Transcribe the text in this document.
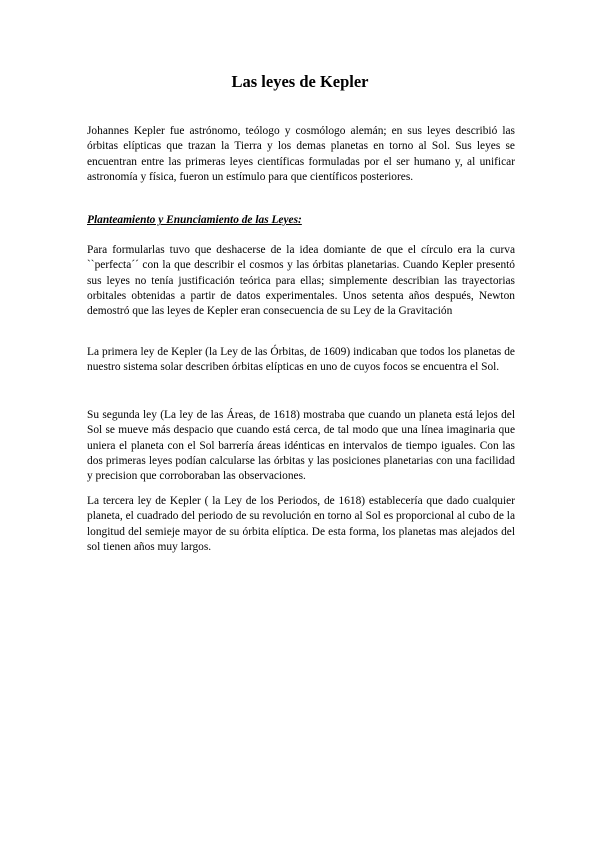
Las leyes de Kepler

Johannes Kepler fue astrónomo, teólogo y cosmólogo alemán; en sus leyes describió las órbitas elípticas que trazan la Tierra y los demas planetas en torno al Sol. Sus leyes se encuentran entre las primeras leyes científicas formuladas por el ser humano y, al unificar astronomía y física, fueron un estímulo para que científicos posteriores.

Planteamiento y Enunciamiento de las Leyes:

Para formularlas tuvo que deshacerse de la idea domiante de que el círculo era la curva ``perfecta´´ con la que describir el cosmos y las órbitas planetarias. Cuando Kepler presentó sus leyes no tenía justificación teórica para ellas; simplemente describian las trayectorias orbitales obtenidas a partir de datos experimentales. Unos setenta años después, Newton demostró que las leyes de Kepler eran consecuencia de su Ley de la Gravitación

La primera ley de Kepler (la Ley de las Órbitas, de 1609) indicaban que todos los planetas de nuestro sistema solar describen órbitas elípticas en uno de cuyos focos se encuentra el Sol.

Su segunda ley (La ley de las Áreas, de 1618) mostraba que cuando un planeta está lejos del Sol se mueve más despacio que cuando está cerca, de tal modo que una línea imaginaria que uniera el planeta con el Sol barrería áreas idénticas en intervalos de tiempo iguales. Con las dos primeras leyes podían calcularse las órbitas y las posiciones planetarias con una facilidad y precision que corroboraban las observaciones.

La tercera ley de Kepler ( la Ley de los Periodos, de 1618) establecería que dado cualquier planeta, el cuadrado del periodo de su revolución en torno al Sol es proporcional al cubo de la longitud del semieje mayor de su órbita elíptica. De esta forma, los planetas mas alejados del sol tienen años muy largos.
